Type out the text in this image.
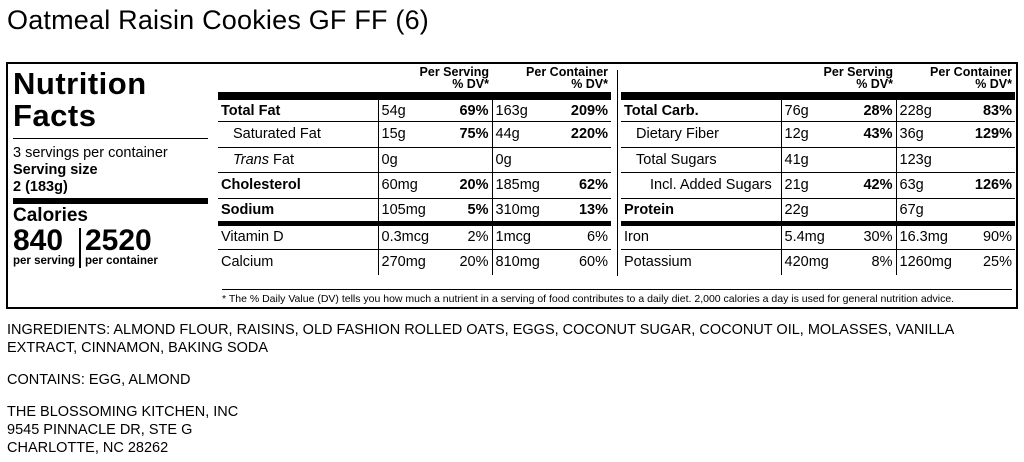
Oatmeal Raisin Cookies GF FF (6)
Nutrition Facts
3 servings per container
Serving size
2 (183g)
Calories
840
per serving
2520
per container
	Per Serving
% DV*		Per Container
% DV*	
Total Fat	54g	69%	163g	209%
Saturated Fat	15g	75%	44g	220%
Trans Fat	0g		0g	
Cholesterol	60mg	20%	185mg	62%
Sodium	105mg	5%	310mg	13%
Vitamin D	0.3mcg	2%	1mcg	6%
Calcium	270mg	20%	810mg	60%
	Per Serving
% DV*		Per Container
% DV*	
Total Carb.	76g	28%	228g	83%
Dietary Fiber	12g	43%	36g	129%
Total Sugars	41g		123g	
Incl. Added Sugars	21g	42%	63g	126%
Protein	22g		67g	
Iron	5.4mg	30%	16.3mg	90%
Potassium	420mg	8%	1260mg	25%
* The % Daily Value (DV) tells you how much a nutrient in a serving of food contributes to a daily diet. 2,000 calories a day is used for general nutrition advice.
INGREDIENTS: ALMOND FLOUR, RAISINS, OLD FASHION ROLLED OATS, EGGS, COCONUT SUGAR, COCONUT OIL, MOLASSES, VANILLA EXTRACT, CINNAMON, BAKING SODA
CONTAINS: EGG, ALMOND
THE BLOSSOMING KITCHEN, INC
9545 PINNACLE DR, STE G
CHARLOTTE, NC 28262
